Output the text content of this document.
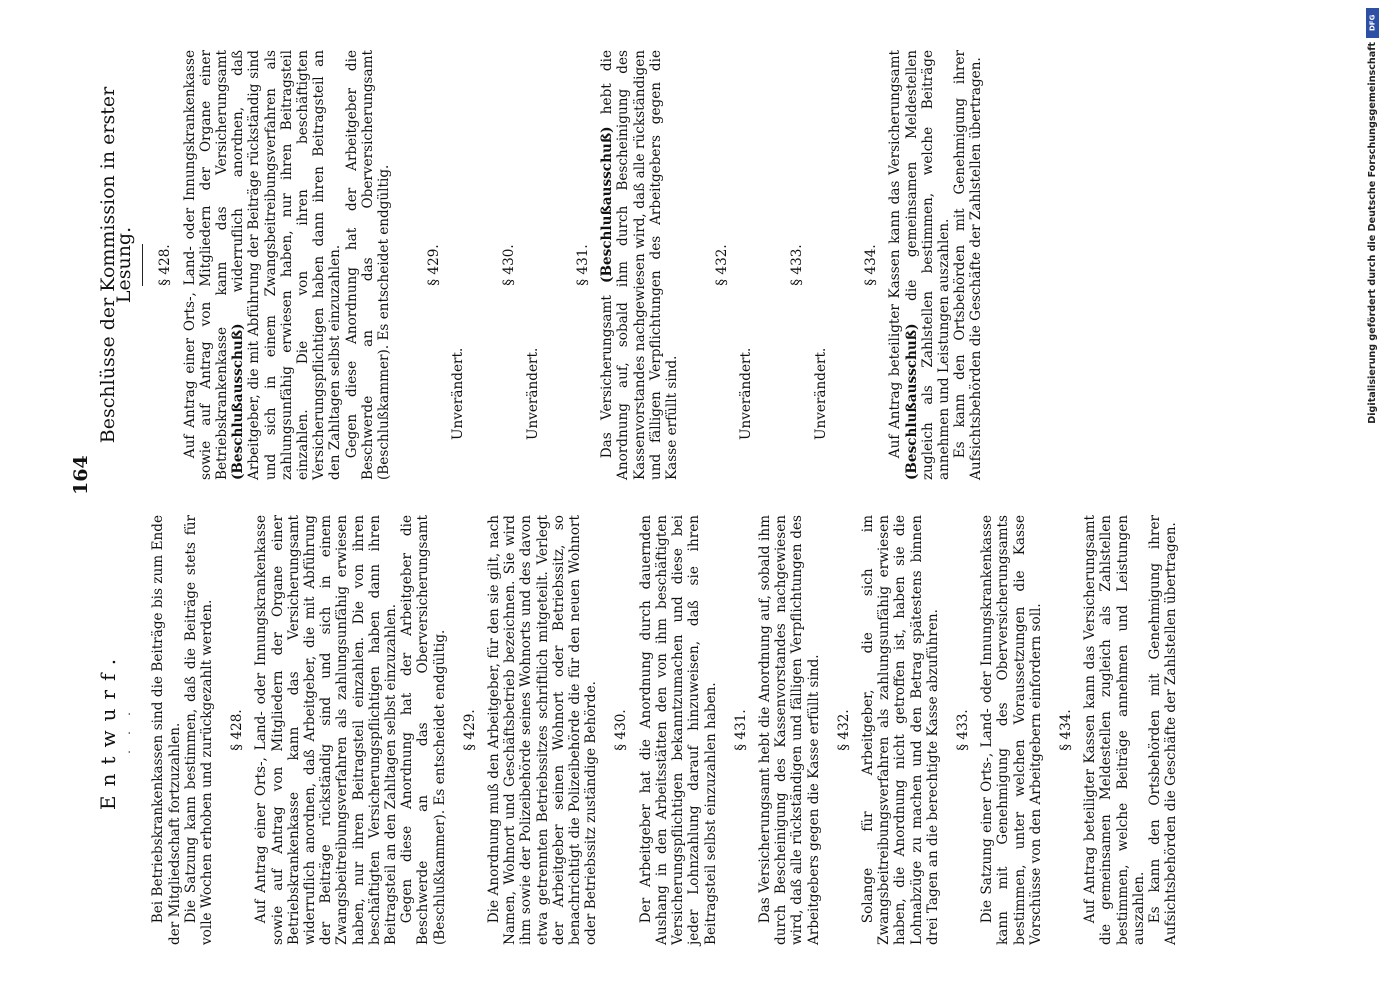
164
Entwurf. · · · Bei Betriebskrankenkassen sind die Beiträge bis zum Ende der Mitgliedschaft fortzuzahlen. Die Satzung kann bestimmen, daß die Beiträge stets für volle Wochen erhoben und zurückgezahlt werden. § 428. Auf Antrag einer Orts-, Land- oder Innungskrankenkasse sowie auf Antrag von Mitgliedern der Organe einer Betriebskrankenkasse kann das Versicherungsamt widerruflich anordnen, daß Arbeitgeber, die mit Abführung der Beiträge rückständig sind und sich in einem Zwangsbeitreibungsverfahren als zahlungsunfähig erwiesen haben, nur ihren Beitragsteil einzahlen. Die von ihren beschäftigten Versicherungspflichtigen haben dann ihren Beitragsteil an den Zahltagen selbst einzuzahlen. Gegen diese Anordnung hat der Arbeitgeber die Beschwerde an das Oberversicherungsamt (Beschlußkammer). Es entscheidet endgültig. § 429. Die Anordnung muß den Arbeitgeber, für den sie gilt, nach Namen, Wohnort und Geschäftsbetrieb bezeichnen. Sie wird ihm sowie der Polizeibehörde seines Wohnorts und des davon etwa getrennten Betriebssitzes schriftlich mitgeteilt. Verlegt der Arbeitgeber seinen Wohnort oder Betriebssitz, so benachrichtigt die Polizeibehörde die für den neuen Wohnort oder Betriebssitz zuständige Behörde. § 430. Der Arbeitgeber hat die Anordnung durch dauernden Aushang in den Arbeitsstätten den von ihm beschäftigten Versicherungspflichtigen bekanntzumachen und diese bei jeder Lohnzahlung darauf hinzuweisen, daß sie ihren Beitragsteil selbst einzuzahlen haben. § 431. Das Versicherungsamt hebt die Anordnung auf, sobald ihm durch Bescheinigung des Kassenvorstandes nachgewiesen wird, daß alle rückständigen und fälligen Verpflichtungen des Arbeitgebers gegen die Kasse erfüllt sind. § 432. Solange für Arbeitgeber, die sich im Zwangsbeitreibungsverfahren als zahlungsunfähig erwiesen haben, die Anordnung nicht getroffen ist, haben sie die Lohnabzüge zu machen und den Betrag spätestens binnen drei Tagen an die berechtigte Kasse abzuführen. § 433. Die Satzung einer Orts-, Land- oder Innungskrankenkasse kann mit Genehmigung des Oberversicherungsamts bestimmen, unter welchen Voraussetzungen die Kasse Vorschüsse von den Arbeitgebern einfordern soll. § 434. Auf Antrag beteiligter Kassen kann das Versicherungsamt die gemeinsamen Meldestellen zugleich als Zahlstellen bestimmen, welche Beiträge annehmen und Leistungen auszahlen. Es kann den Ortsbehörden mit Genehmigung ihrer Aufsichtsbehörden die Geschäfte der Zahlstellen übertragen.

Beschlüsse der Kommission in erster Lesung. § 428. Auf Antrag einer Orts-, Land- oder Innungskrankenkasse sowie auf Antrag von Mitgliedern der Organe einer Betriebskrankenkasse kann das Versicherungsamt (Beschlußausschuß) widerruflich anordnen, daß Arbeitgeber, die mit Abführung der Beiträge rückständig sind und sich in einem Zwangsbeitreibungsverfahren als zahlungsunfähig erwiesen haben, nur ihren Beitragsteil einzahlen. Die von ihren beschäftigten Versicherungspflichtigen haben dann ihren Beitragsteil an den Zahltagen selbst einzuzahlen. Gegen diese Anordnung hat der Arbeitgeber die Beschwerde an das Oberversicherungsamt (Beschlußkammer). Es entscheidet endgültig.	§ 429.

Unverändert.

§ 430.

Unverändert.

§ 431.

Das Versicherungsamt (Beschlußausschuß) hebt die Anordnung auf, sobald ihm durch Bescheinigung des Kassenvorstandes nachgewiesen wird, daß alle rückständigen und fälligen Verpflichtungen des Arbeitgebers gegen die Kasse erfüllt sind.

§ 432.

Unverändert.

§ 433.

Unverändert.

§ 434. Auf Antrag beteiligter Kassen kann das Versicherungsamt (Beschlußausschuß) die gemeinsamen Meldestellen zugleich als Zahlstellen bestimmen, welche Beiträge annehmen und Leistungen auszahlen. Es kann den Ortsbehörden mit Genehmigung ihrer Aufsichtsbehörden die Geschäfte der Zahlstellen übertragen.

DFG
Digitalisierung gefördert durch die Deutsche Forschungsgemeinschaft
